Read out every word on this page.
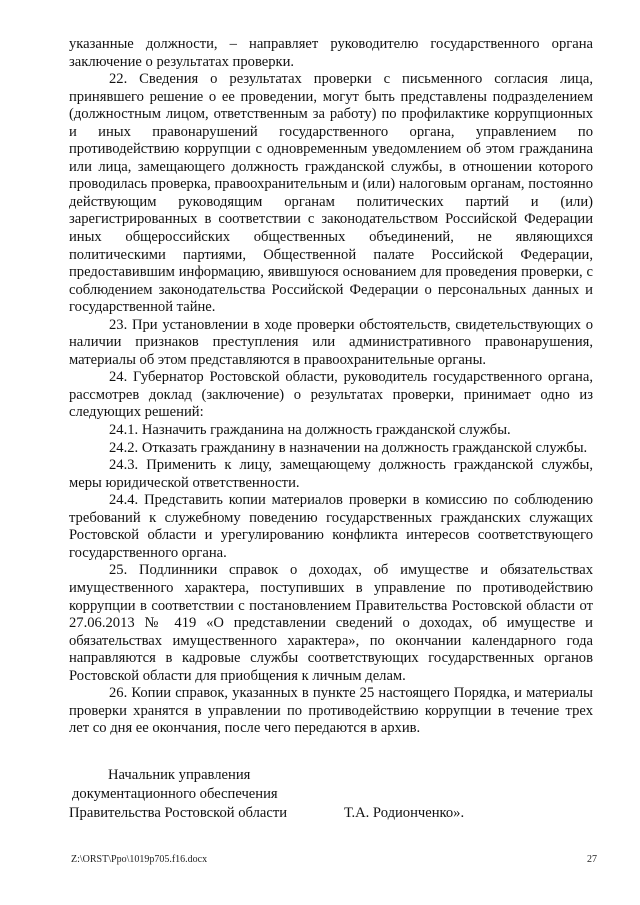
указанные должности, – направляет руководителю государственного органа заключение о результатах проверки.

22. Сведения о результатах проверки с письменного согласия лица, принявшего решение о ее проведении, могут быть представлены подразделением (должностным лицом, ответственным за работу) по профилактике коррупционных и иных правонарушений государственного органа, управлением по противодействию коррупции с одновременным уведомлением об этом гражданина или лица, замещающего должность гражданской службы, в отношении которого проводилась проверка, правоохранительным и (или) налоговым органам, постоянно действующим руководящим органам политических партий и (или) зарегистрированных в соответствии с законодательством Российской Федерации иных общероссийских общественных объединений, не являющихся политическими партиями, Общественной палате Российской Федерации, предоставившим информацию, явившуюся основанием для проведения проверки, с соблюдением законодательства Российской Федерации о персональных данных и государственной тайне.

23. При установлении в ходе проверки обстоятельств, свидетельствующих о наличии признаков преступления или административного правонарушения, материалы об этом представляются в правоохранительные органы.

24. Губернатор Ростовской области, руководитель государственного органа, рассмотрев доклад (заключение) о результатах проверки, принимает одно из следующих решений:

24.1. Назначить гражданина на должность гражданской службы.

24.2. Отказать гражданину в назначении на должность гражданской службы.

24.3. Применить к лицу, замещающему должность гражданской службы, меры юридической ответственности.

24.4. Представить копии материалов проверки в комиссию по соблюдению требований к служебному поведению государственных гражданских служащих Ростовской области и урегулированию конфликта интересов соответствующего государственного органа.

25. Подлинники справок о доходах, об имуществе и обязательствах имущественного характера, поступивших в управление по противодействию коррупции в соответствии с постановлением Правительства Ростовской области от 27.06.2013 № 419 «О представлении сведений о доходах, об имуществе и обязательствах имущественного характера», по окончании календарного года направляются в кадровые службы соответствующих государственных органов Ростовской области для приобщения к личным делам.

26. Копии справок, указанных в пункте 25 настоящего Порядка, и материалы проверки хранятся в управлении по противодействию коррупции в течение трех лет со дня ее окончания, после чего передаются в архив.

Начальник управления
документационного обеспечения
Правительства Ростовской области	Т.А. Родионченко».
Z:\ORST\Ppo\1019p705.f16.docx	27
